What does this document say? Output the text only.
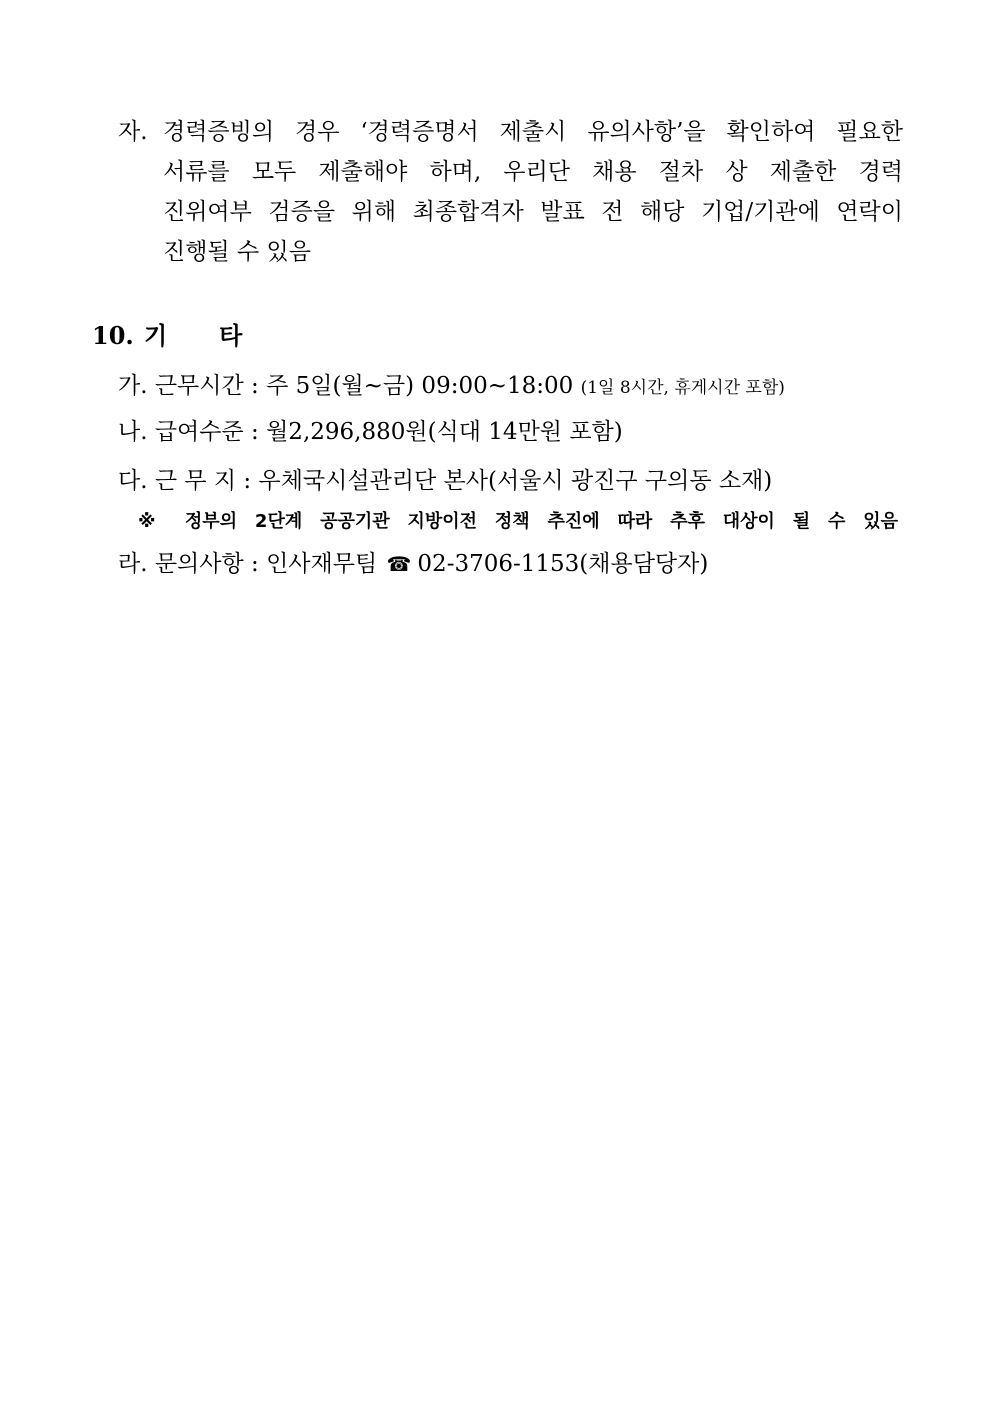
자. 경력증빙의 경우 ‘경력증명서 제출시 유의사항’을 확인하여 필요한
서류를 모두 제출해야 하며, 우리단 채용 절차 상 제출한 경력
진위여부 검증을 위해 최종합격자 발표 전 해당 기업/기관에 연락이
진행될 수 있음
10. 기타
가. 근무시간 : 주 5일(월~금) 09:00~18:00 (1일 8시간, 휴게시간 포함)
나. 급여수준 : 월2,296,880원(식대 14만원 포함)
다. 근 무 지 : 우체국시설관리단 본사(서울시 광진구 구의동 소재)
※ 정부의 2단계 공공기관 지방이전 정책 추진에 따라 추후 대상이 될 수 있음
라. 문의사항 : 인사재무팀 ☎ 02-3706-1153(채용담당자)
